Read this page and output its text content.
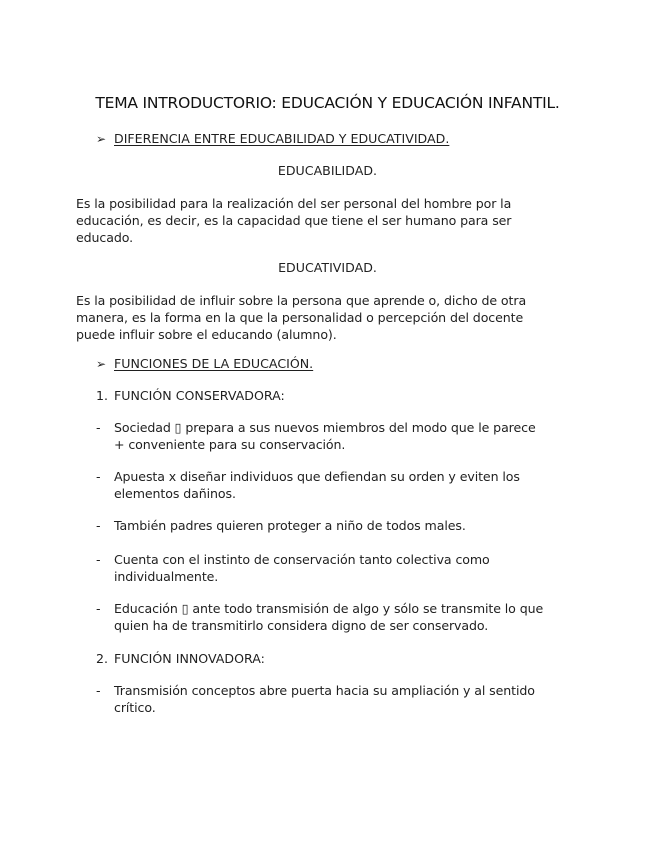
TEMA INTRODUCTORIO: EDUCACIÓN Y EDUCACIÓN INFANTIL.
➢ DIFERENCIA ENTRE EDUCABILIDAD Y EDUCATIVIDAD.
EDUCABILIDAD.
Es la posibilidad para la realización del ser personal del hombre por la
educación, es decir, es la capacidad que tiene el ser humano para ser
educado.
EDUCATIVIDAD.
Es la posibilidad de influir sobre la persona que aprende o, dicho de otra
manera, es la forma en la que la personalidad o percepción del docente
puede influir sobre el educando (alumno).
➢ FUNCIONES DE LA EDUCACIÓN.
1. FUNCIÓN CONSERVADORA:
- Sociedad ▯ prepara a sus nuevos miembros del modo que le parece
+ conveniente para su conservación.
- Apuesta x diseñar individuos que defiendan su orden y eviten los
elementos dañinos.
- También padres quieren proteger a niño de todos males.
- Cuenta con el instinto de conservación tanto colectiva como
individualmente.
- Educación ▯ ante todo transmisión de algo y sólo se transmite lo que
quien ha de transmitirlo considera digno de ser conservado.
2. FUNCIÓN INNOVADORA:
- Transmisión conceptos abre puerta hacia su ampliación y al sentido
crítico.
